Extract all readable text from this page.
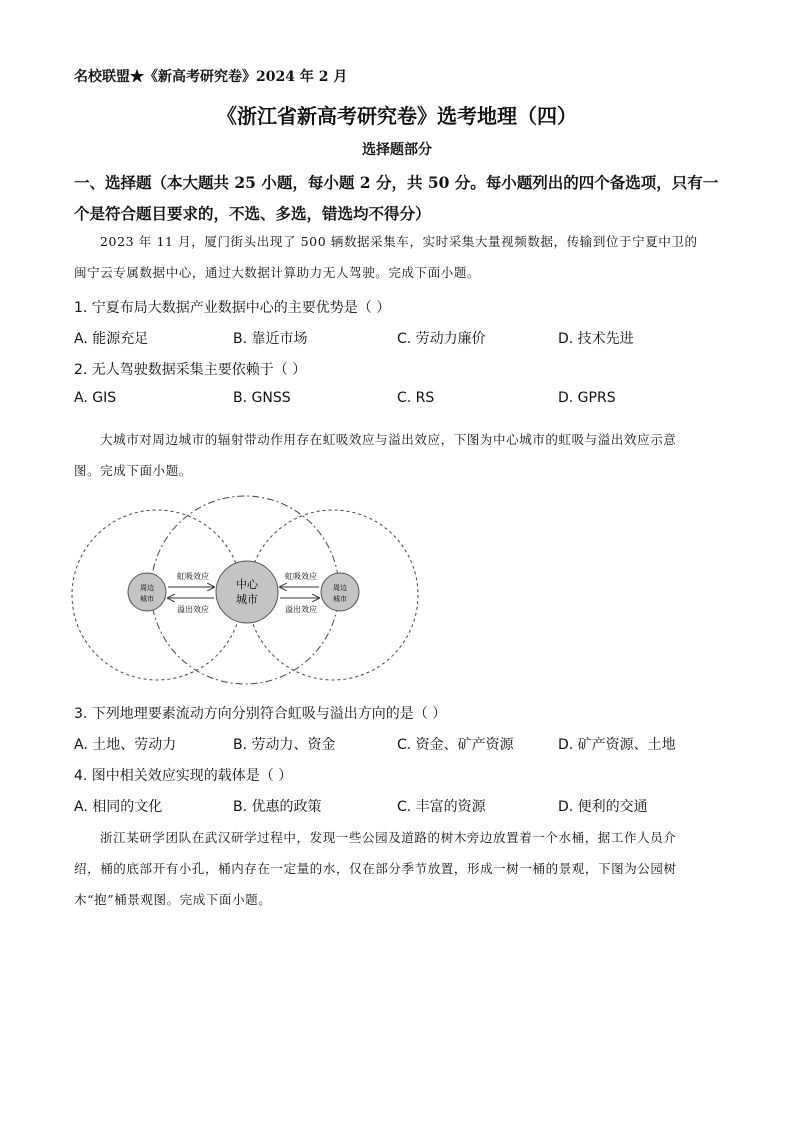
名校联盟★《新高考研究卷》2024 年 2 月
《浙江省新高考研究卷》选考地理（四）
选择题部分
一、选择题（本大题共 25 小题，每小题 2 分，共 50 分。每小题列出的四个备选项，只有一
个是符合题目要求的，不选、多选，错选均不得分）
2023 年 11 月，厦门街头出现了 500 辆数据采集车，实时采集大量视频数据，传输到位于宁夏中卫的
闽宁云专属数据中心，通过大数据计算助力无人驾驶。完成下面小题。
1. 宁夏布局大数据产业数据中心的主要优势是（ ）
A. 能源充足	B. 靠近市场	C. 劳动力廉价	D. 技术先进
2. 无人驾驶数据采集主要依赖于（ ）
A. GIS	B. GNSS	C. RS	D. GPRS
大城市对周边城市的辐射带动作用存在虹吸效应与溢出效应，下图为中心城市的虹吸与溢出效应示意
图。完成下面小题。
周边
城市
中心
城市
周边
城市
虹吸效应
溢出效应
虹吸效应
溢出效应
3. 下列地理要素流动方向分别符合虹吸与溢出方向的是（ ）
A. 土地、劳动力	B. 劳动力、资金	C. 资金、矿产资源	D. 矿产资源、土地
4. 图中相关效应实现的载体是（ ）
A. 相同的文化	B. 优惠的政策	C. 丰富的资源	D. 便利的交通
浙江某研学团队在武汉研学过程中，发现一些公园及道路的树木旁边放置着一个水桶，据工作人员介
绍，桶的底部开有小孔，桶内存在一定量的水，仅在部分季节放置，形成一树一桶的景观，下图为公园树
木“抱”桶景观图。完成下面小题。
